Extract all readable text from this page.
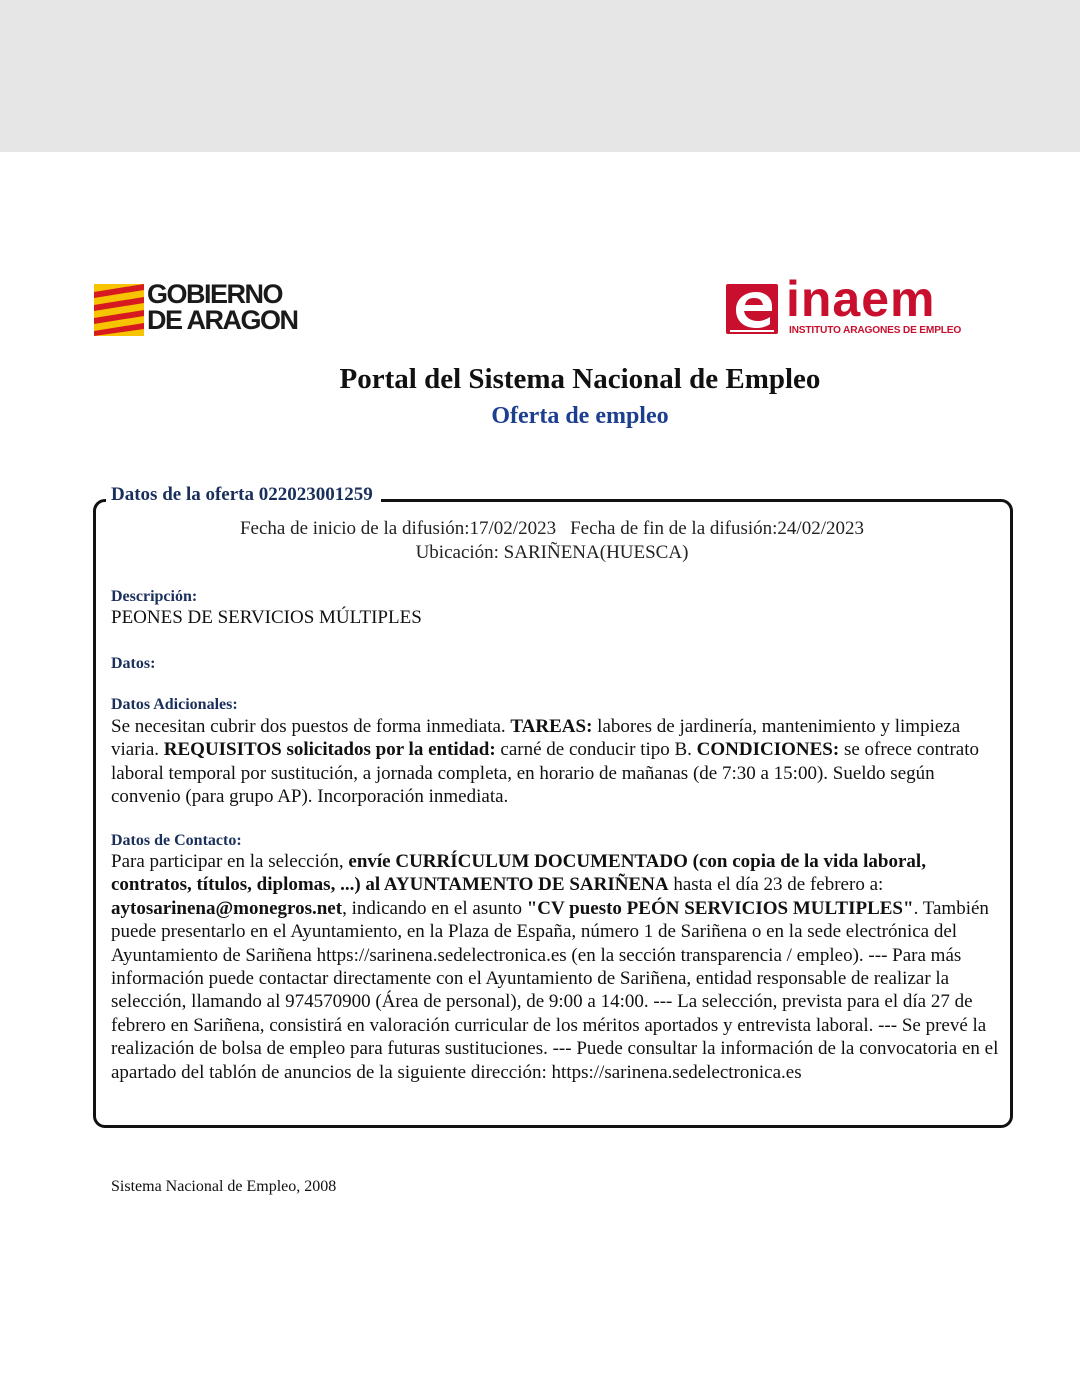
GOBIERNO
DE ARAGON	inaem
INSTITUTO ARAGONES DE EMPLEO
Portal del Sistema Nacional de Empleo
Oferta de empleo
Datos de la oferta 022023001259
Fecha de inicio de la difusión:17/02/2023 Fecha de fin de la difusión:24/02/2023
Ubicación: SARIÑENA(HUESCA)
Descripción:
PEONES DE SERVICIOS MÚLTIPLES
Datos:
Datos Adicionales:
Se necesitan cubrir dos puestos de forma inmediata. TAREAS: labores de jardinería, mantenimiento y limpieza viaria. REQUISITOS solicitados por la entidad: carné de conducir tipo B. CONDICIONES: se ofrece contrato laboral temporal por sustitución, a jornada completa, en horario de mañanas (de 7:30 a 15:00). Sueldo según convenio (para grupo AP). Incorporación inmediata.
Datos de Contacto:
Para participar en la selección, envíe CURRÍCULUM DOCUMENTADO (con copia de la vida laboral, contratos, títulos, diplomas, ...) al AYUNTAMENTO DE SARIÑENA hasta el día 23 de febrero a: aytosarinena@monegros.net, indicando en el asunto "CV puesto PEÓN SERVICIOS MULTIPLES". También puede presentarlo en el Ayuntamiento, en la Plaza de España, número 1 de Sariñena o en la sede electrónica del Ayuntamiento de Sariñena https://sarinena.sedelectronica.es (en la sección transparencia / empleo). --- Para más información puede contactar directamente con el Ayuntamiento de Sariñena, entidad responsable de realizar la selección, llamando al 974570900 (Área de personal), de 9:00 a 14:00. --- La selección, prevista para el día 27 de febrero en Sariñena, consistirá en valoración curricular de los méritos aportados y entrevista laboral. --- Se prevé la realización de bolsa de empleo para futuras sustituciones. --- Puede consultar la información de la convocatoria en el apartado del tablón de anuncios de la siguiente dirección: https://sarinena.sedelectronica.es
Sistema Nacional de Empleo, 2008
